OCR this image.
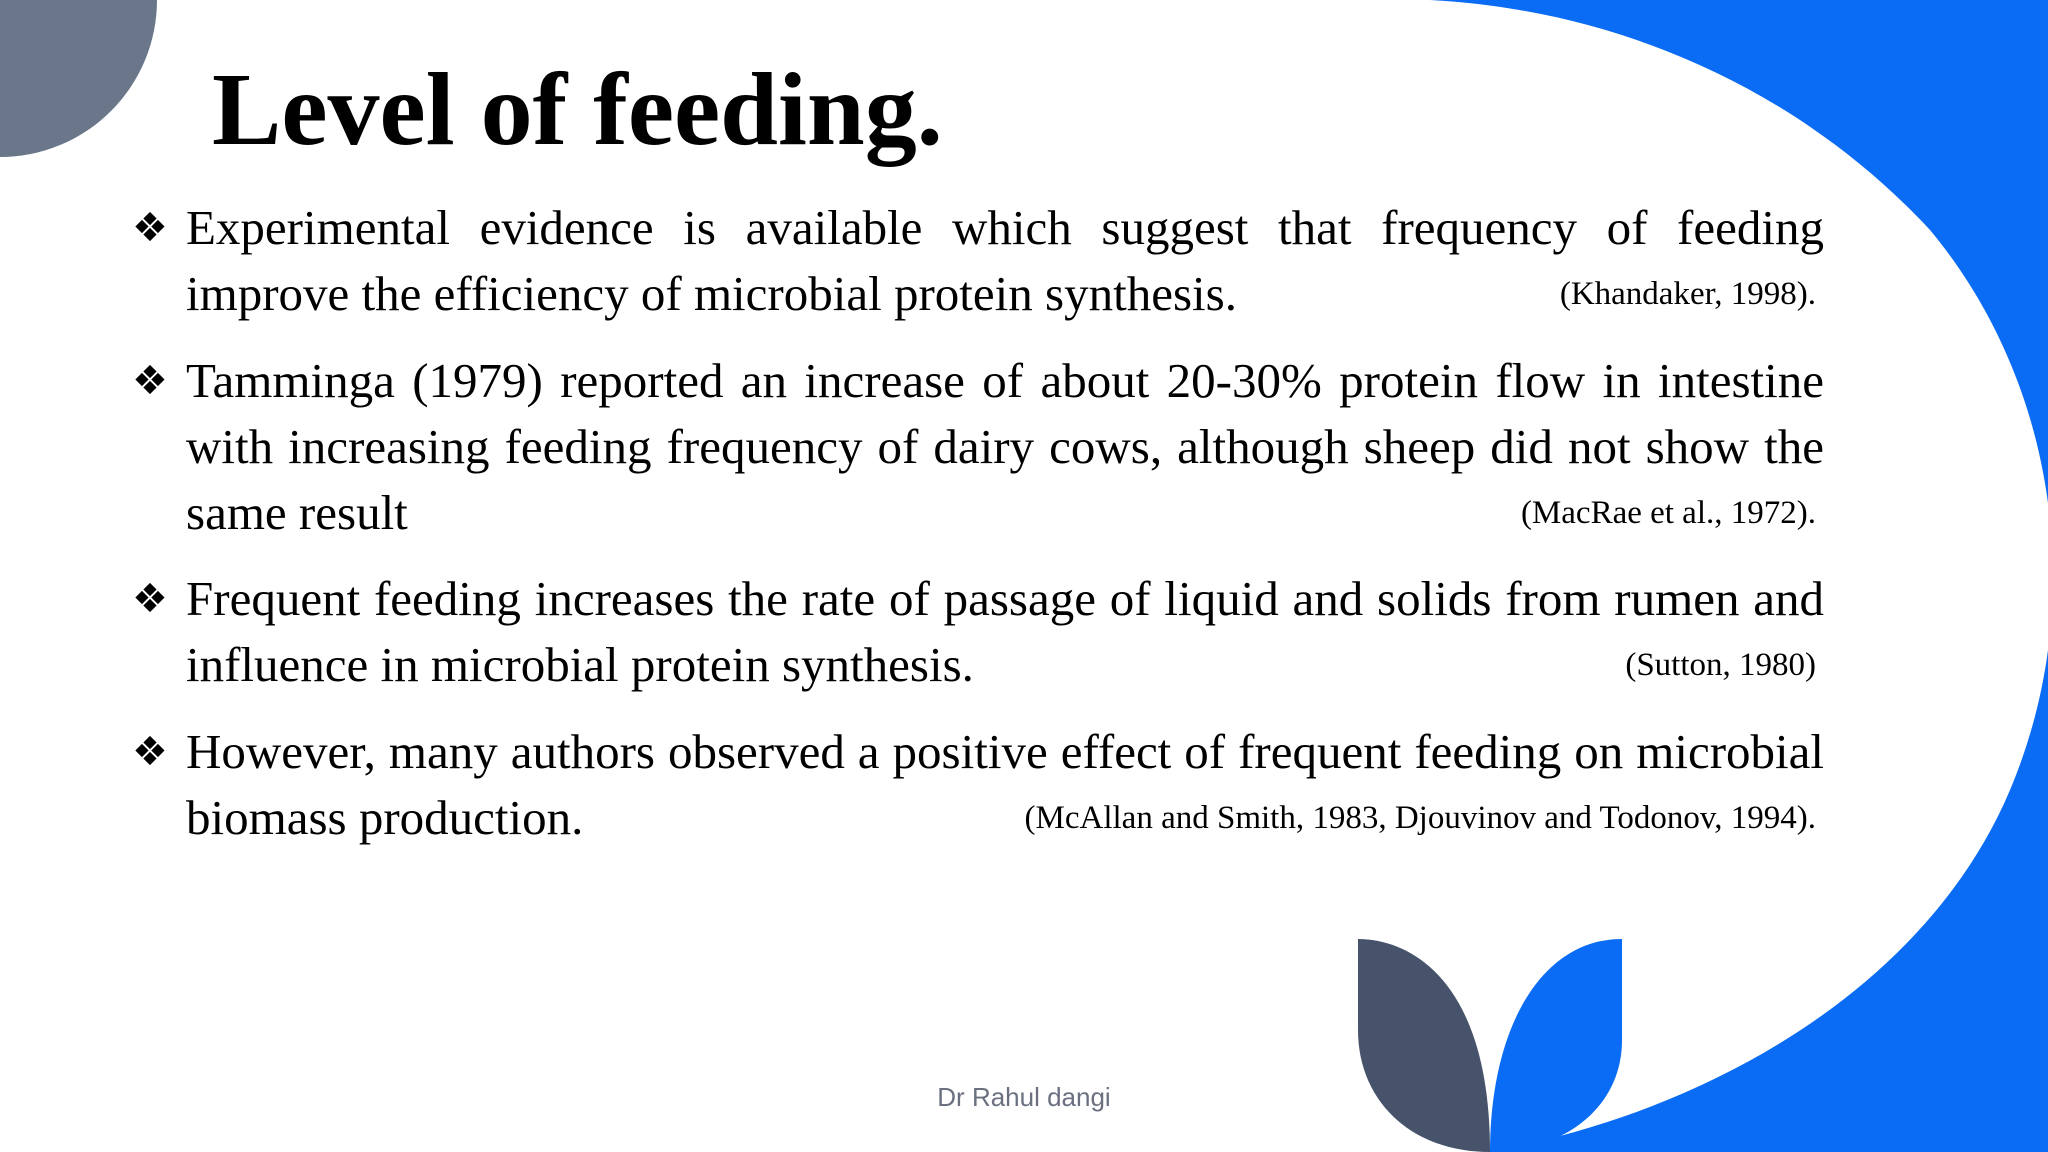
Level of feeding.
❖ Experimental evidence is available which suggest that frequency of feeding improve the efficiency of microbial protein synthesis.	(Khandaker, 1998).
❖ Tamminga (1979) reported an increase of about 20-30% protein flow in intestine with increasing feeding frequency of dairy cows, although sheep did not show the same result	(MacRae et al., 1972).
❖ Frequent feeding increases the rate of passage of liquid and solids from rumen and influence in microbial protein synthesis.	(Sutton, 1980)
❖ However, many authors observed a positive effect of frequent feeding on microbial biomass production.	(McAllan and Smith, 1983, Djouvinov and Todonov, 1994).
Dr Rahul dangi
